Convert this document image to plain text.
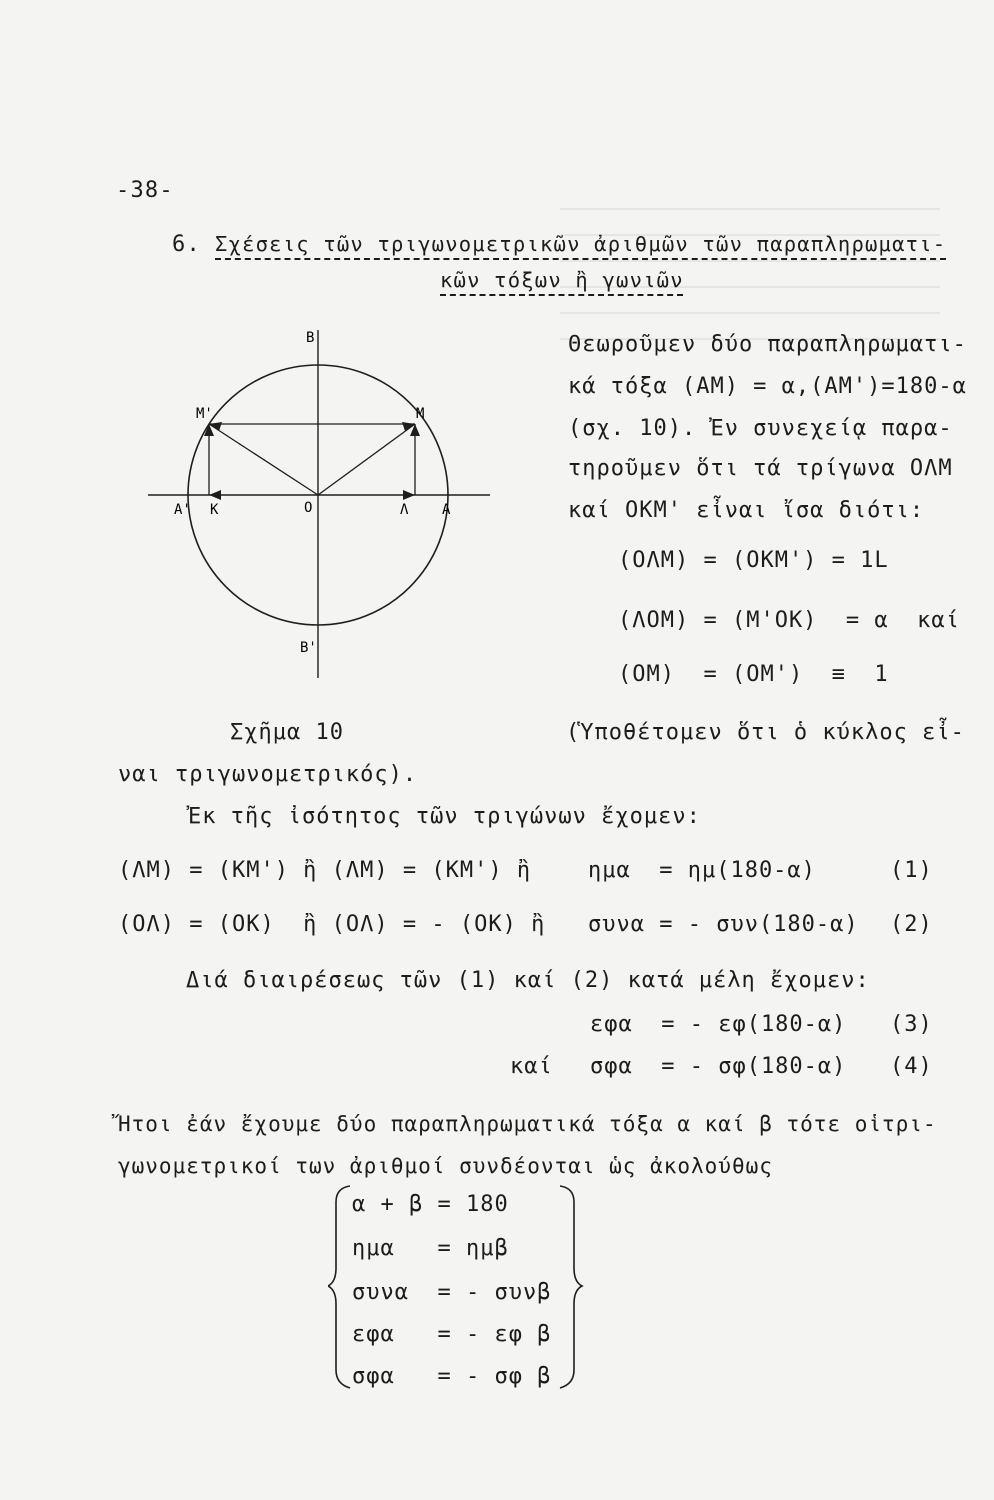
-38-
6. Σχέσεις τῶν τριγωνομετρικῶν ἀριθμῶν τῶν παραπληρωματι-
κῶν τόξων ἢ γωνιῶν
B
B'
M
M'
A
A' K	O	Λ
Θεωροῦμεν δύο παραπληρωματι-
κά τόξα (AM) = α,(AM')=180-α
(σχ. 10). Ἐν συνεχείᾳ παρα-
τηροῦμεν ὅτι τά τρίγωνα OΛM
καί OKM' εἶναι ἴσα διότι:
(OΛM) = (OKM') = 1L
(ΛOM) = (M'OK)  = α  καί
(OM)  = (OM')  ≡  1
Σχῆμα 10	(Ὑποθέτομεν ὅτι ὁ κύκλος εἶ-
ναι τριγωνομετρικός).
Ἐκ τῆς ἰσότητος τῶν τριγώνων ἔχομεν:
(ΛM) = (KM') ἢ (ΛM) = (KM') ἢ	ημα  = ημ(180-α)	(1)
(OΛ) = (OK)  ἢ (OΛ) = - (OK) ἢ συνα = - συν(180-α) (2)
Διά διαιρέσεως τῶν (1) καί (2) κατά μέλη ἔχομεν:
εφα  = - εφ(180-α) (3)
καί σφα  = - σφ(180-α) (4)
Ἤτοι ἐάν ἔχουμε δύο παραπληρωματικά τόξα α καί β τότε οἱτρι-
γωνομετρικοί των ἀριθμοί συνδέονται ὡς ἀκολούθως
α + β = 180
ημα   = ημβ
συνα  = - συνβ
εφα   = - εφ β
σφα   = - σφ β
